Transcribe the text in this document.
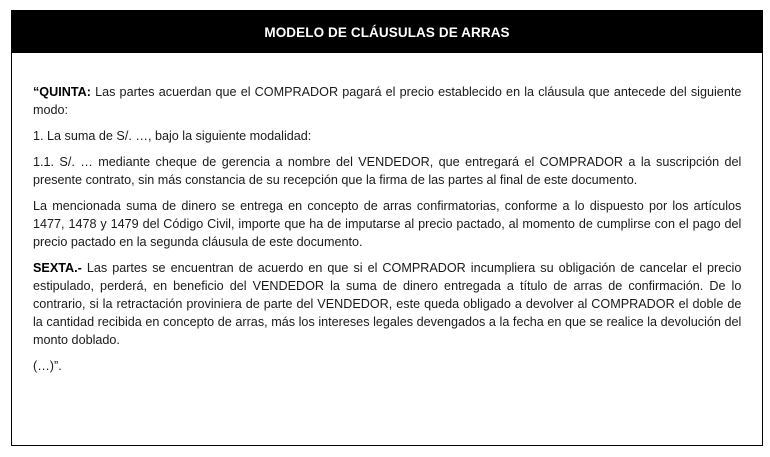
MODELO DE CLÁUSULAS DE ARRAS

“QUINTA: Las partes acuerdan que el COMPRADOR pagará el precio establecido en la cláusula que antecede del siguiente modo:

1. La suma de S/. …, bajo la siguiente modalidad:

1.1. S/. … mediante cheque de gerencia a nombre del VENDEDOR, que entregará el COMPRADOR a la suscripción del presente contrato, sin más constancia de su recepción que la firma de las partes al final de este documento.

La mencionada suma de dinero se entrega en concepto de arras confirmatorias, conforme a lo dispuesto por los artículos 1477, 1478 y 1479 del Código Civil, importe que ha de imputarse al precio pactado, al momento de cumplirse con el pago del precio pactado en la segunda cláusula de este documento.

SEXTA.- Las partes se encuentran de acuerdo en que si el COMPRADOR incumpliera su obligación de cancelar el precio estipulado, perderá, en beneficio del VENDEDOR la suma de dinero entregada a título de arras de confirmación. De lo contrario, si la retractación proviniera de parte del VENDEDOR, este queda obligado a devolver al COMPRADOR el doble de la cantidad recibida en concepto de arras, más los intereses legales devengados a la fecha en que se realice la devolución del monto doblado.

(…)”.
